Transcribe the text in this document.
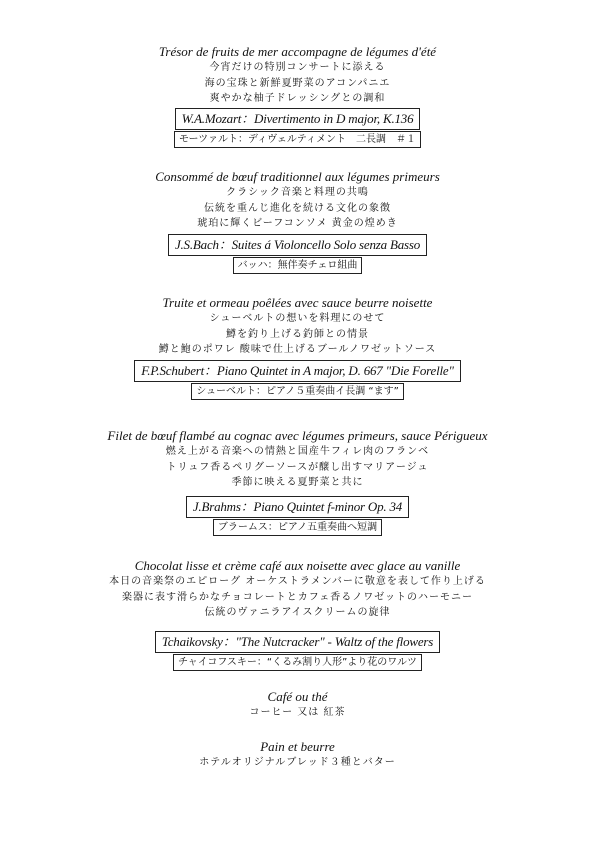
Trésor de fruits de mer accompagne de légumes d'été
今宵だけの特別コンサートに添える
海の宝珠と新鮮夏野菜のアコンパニエ
爽やかな柚子ドレッシングとの調和
W.A.Mozart：Divertimento in D major, K.136
モーツァルト：ディヴェルティメント　二長調　＃１
Consommé de bœuf traditionnel aux légumes primeurs
クラシック音楽と料理の共鳴
伝統を重んじ進化を続ける文化の象徴
琥珀に輝くビーフコンソメ 黄金の煌めき
J.S.Bach：Suites á Violoncello Solo senza Basso
バッハ：無伴奏チェロ組曲
Truite et ormeau poêlées avec sauce beurre noisette
シューベルトの想いを料理にのせて
鱒を釣り上げる釣師との情景
鱒と鮑のポワレ 酸味で仕上げるブールノワゼットソース
F.P.Schubert：Piano Quintet in A major, D. 667 "Die Forelle"
シューベルト：ピアノ５重奏曲イ長調 “ます”
Filet de bœuf flambé au cognac avec légumes primeurs, sauce Périgueux
燃え上がる音楽への情熱と国産牛フィレ肉のフランベ
トリュフ香るペリグーソースが醸し出すマリアージュ
季節に映える夏野菜と共に
J.Brahms：Piano Quintet f-minor Op. 34
ブラームス：ピアノ五重奏曲へ短調
Chocolat lisse et crème café aux noisette avec glace au vanille
本日の音楽祭のエピローグ オーケストラメンバーに敬意を表して作り上げる
楽器に表す滑らかなチョコレートとカフェ香るノワゼットのハーモニー
伝統のヴァニラアイスクリームの旋律
Tchaikovsky："The Nutcracker" - Waltz of the flowers
チャイコフスキー：“くるみ割り人形”より花のワルツ
Café ou thé
コーヒー 又は 紅茶
Pain et beurre
ホテルオリジナルブレッド３種とバター
